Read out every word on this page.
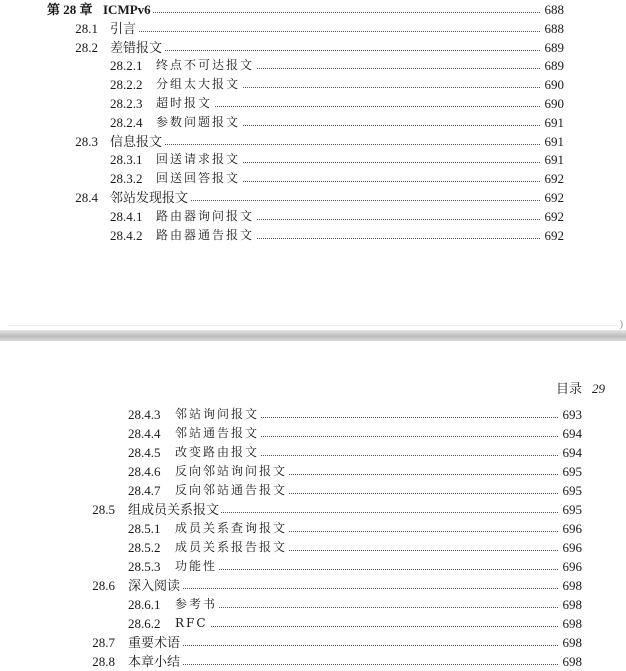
)
目录 29
第 28 章 ICMPv6	688
28.1 引言	688
28.2 差错报文	689
28.2.1 终点不可达报文	689
28.2.2 分组太大报文	690
28.2.3 超时报文	690
28.2.4 参数问题报文	691
28.3 信息报文	691
28.3.1 回送请求报文	691
28.3.2 回送回答报文	692
28.4 邻站发现报文	692
28.4.1 路由器询问报文	692
28.4.2 路由器通告报文	692
28.4.3 邻站询问报文	693
28.4.4 邻站通告报文	694
28.4.5 改变路由报文	694
28.4.6 反向邻站询问报文	695
28.4.7 反向邻站通告报文	695
28.5 组成员关系报文	695
28.5.1 成员关系查询报文	696
28.5.2 成员关系报告报文	696
28.5.3 功能性	696
28.6 深入阅读	698
28.6.1 参考书	698
28.6.2 RFC	698
28.7 重要术语	698
28.8 本章小结	698
